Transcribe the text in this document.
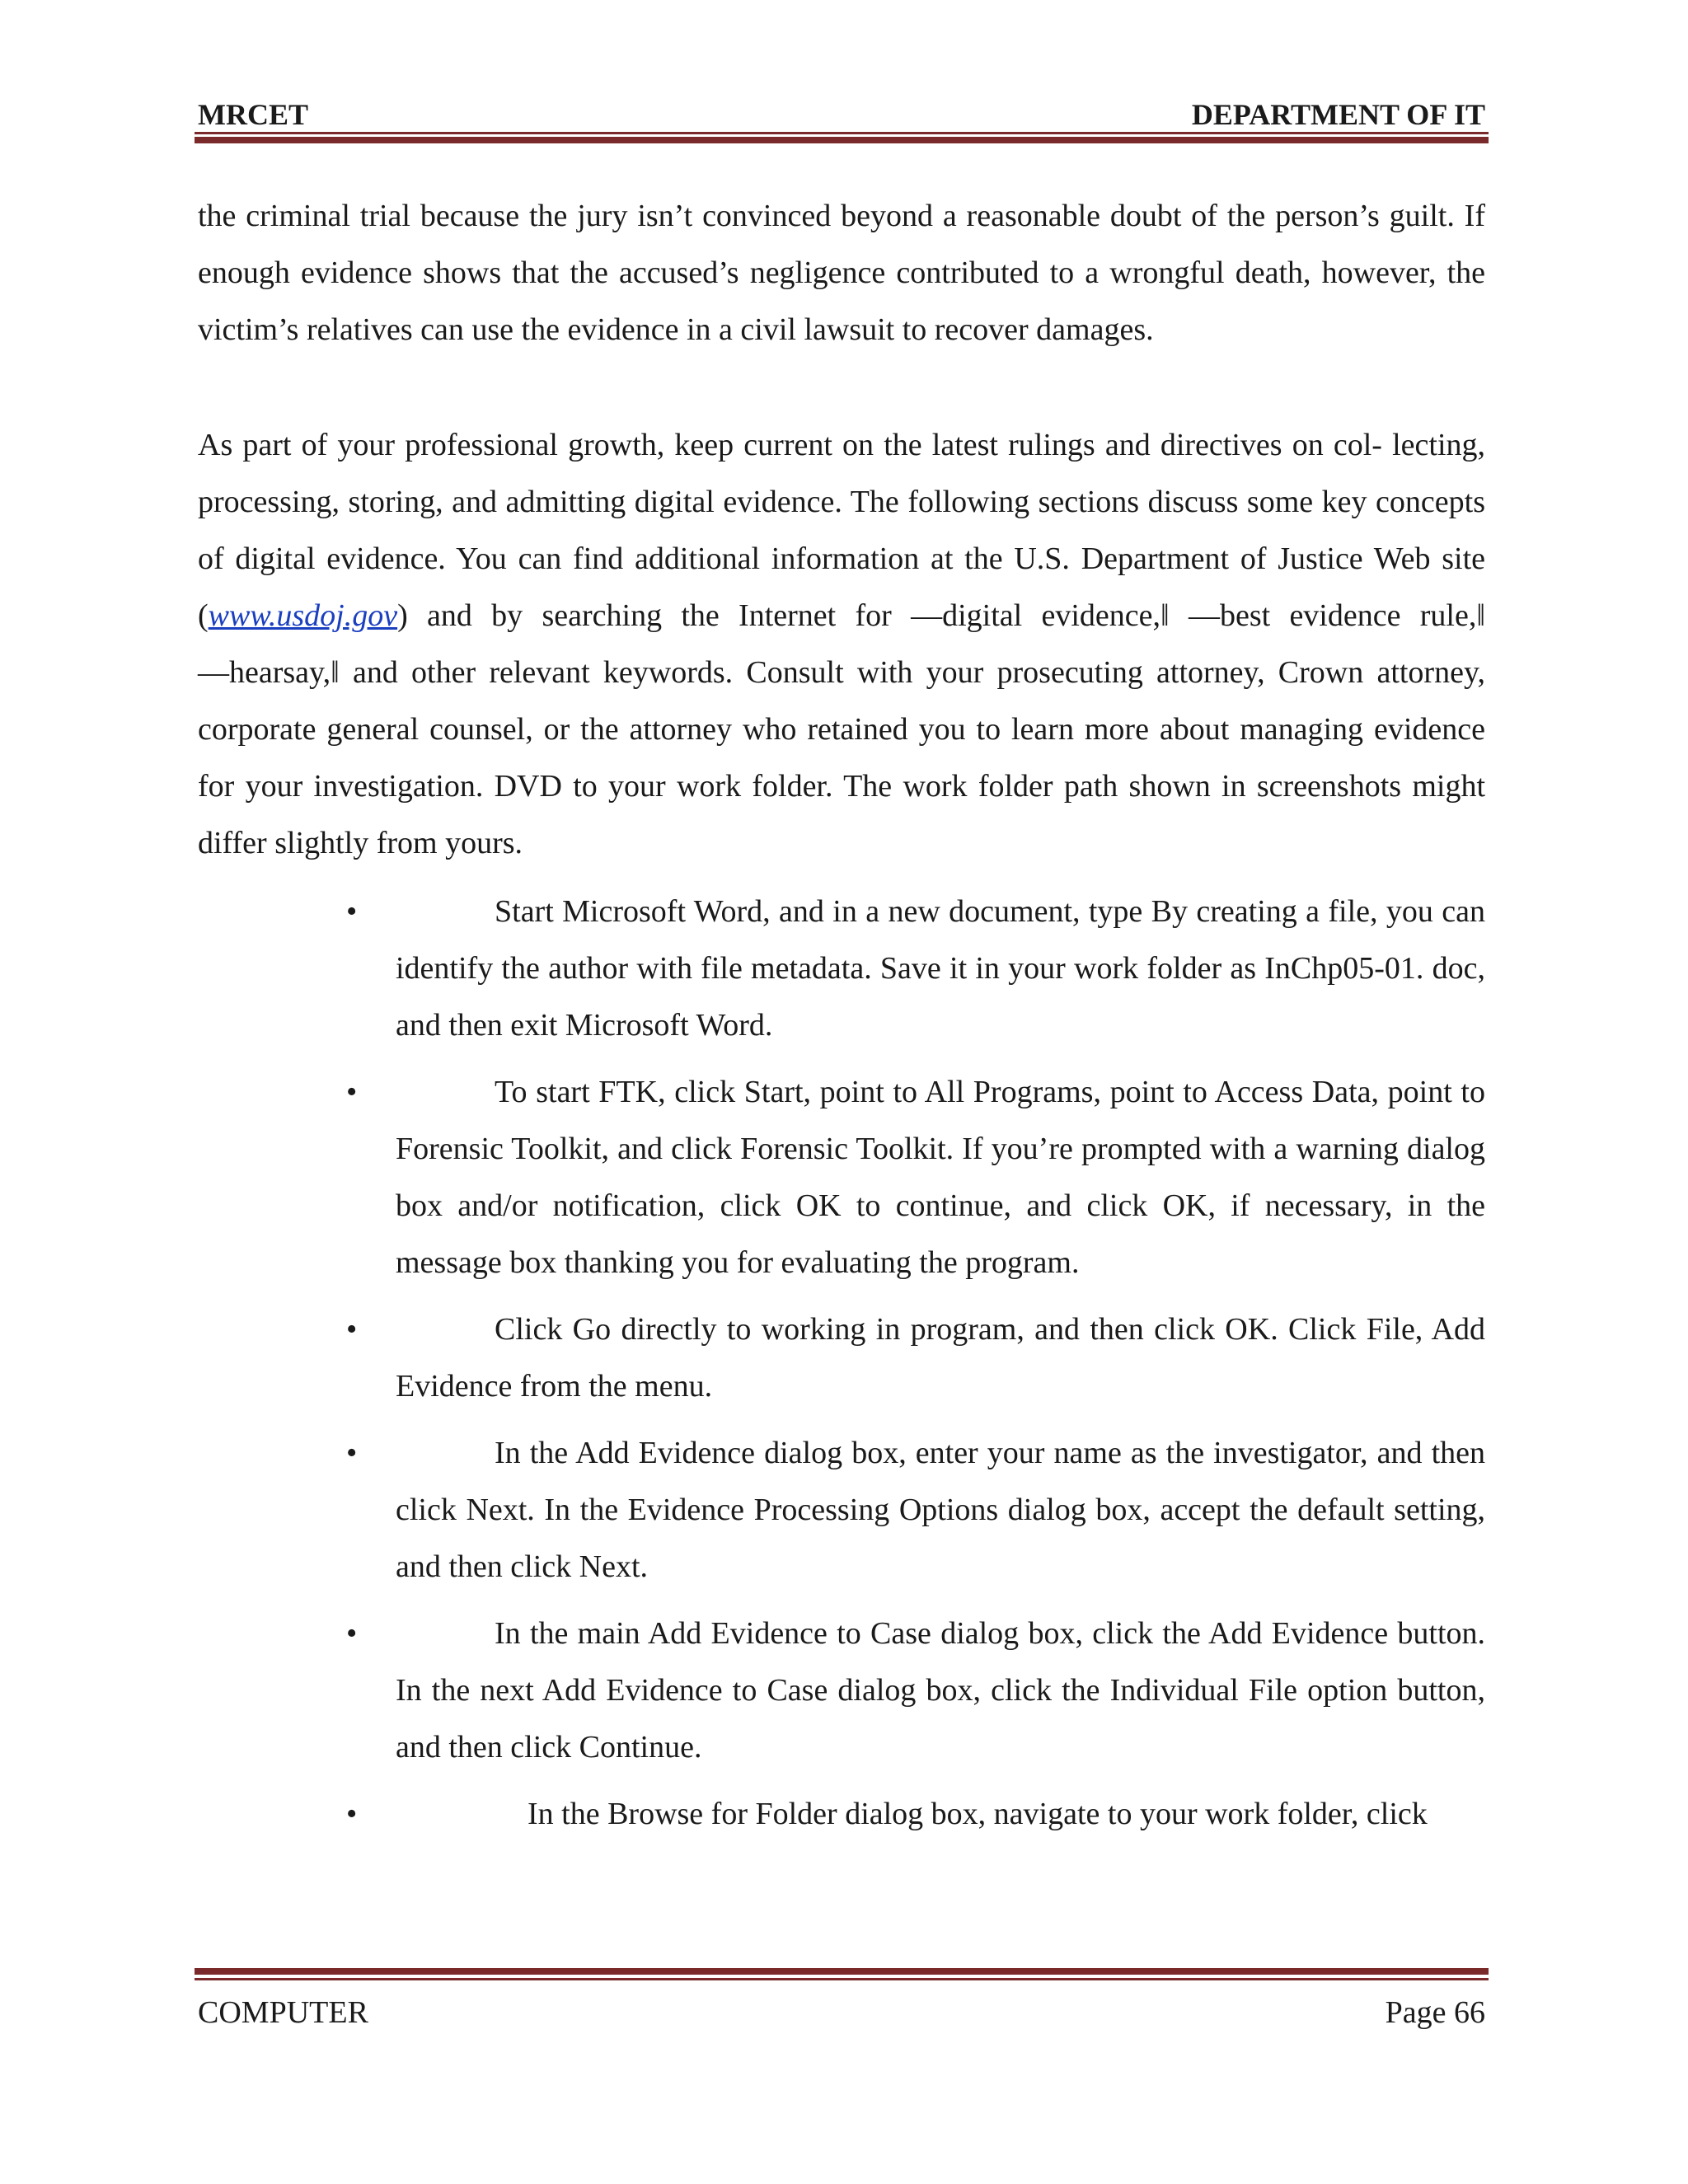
MRCET	DEPARTMENT OF IT
the criminal trial because the jury isn’t convinced beyond a reasonable doubt of the person’s guilt. If enough evidence shows that the accused’s negligence contributed to a wrongful death, however, the victim’s relatives can use the evidence in a civil lawsuit to recover damages.
As part of your professional growth, keep current on the latest rulings and directives on col- lecting, processing, storing, and admitting digital evidence. The following sections discuss some key concepts of digital evidence. You can find additional information at the U.S. Department of Justice Web site (www.usdoj.gov) and by searching the Internet for ―digital evidence,‖ ―best evidence rule,‖ ―hearsay,‖ and other relevant keywords. Consult with your prosecuting attorney, Crown attorney, corporate general counsel, or the attorney who retained you to learn more about managing evidence for your investigation. DVD to your work folder. The work folder path shown in screenshots might differ slightly from yours.
•	Start Microsoft Word, and in a new document, type By creating a file, you can identify the author with file metadata. Save it in your work folder as InChp05-01. doc, and then exit Microsoft Word.
•	To start FTK, click Start, point to All Programs, point to Access Data, point to Forensic Toolkit, and click Forensic Toolkit. If you’re prompted with a warning dialog box and/or notification, click OK to continue, and click OK, if necessary, in the message box thanking you for evaluating the program.
•	Click Go directly to working in program, and then click OK. Click File, Add Evidence from the menu.
•	In the Add Evidence dialog box, enter your name as the investigator, and then click Next. In the Evidence Processing Options dialog box, accept the default setting, and then click Next.
•	In the main Add Evidence to Case dialog box, click the Add Evidence button. In the next Add Evidence to Case dialog box, click the Individual File option button, and then click Continue.
•	In the Browse for Folder dialog box, navigate to your work folder, click
COMPUTER	Page 66
